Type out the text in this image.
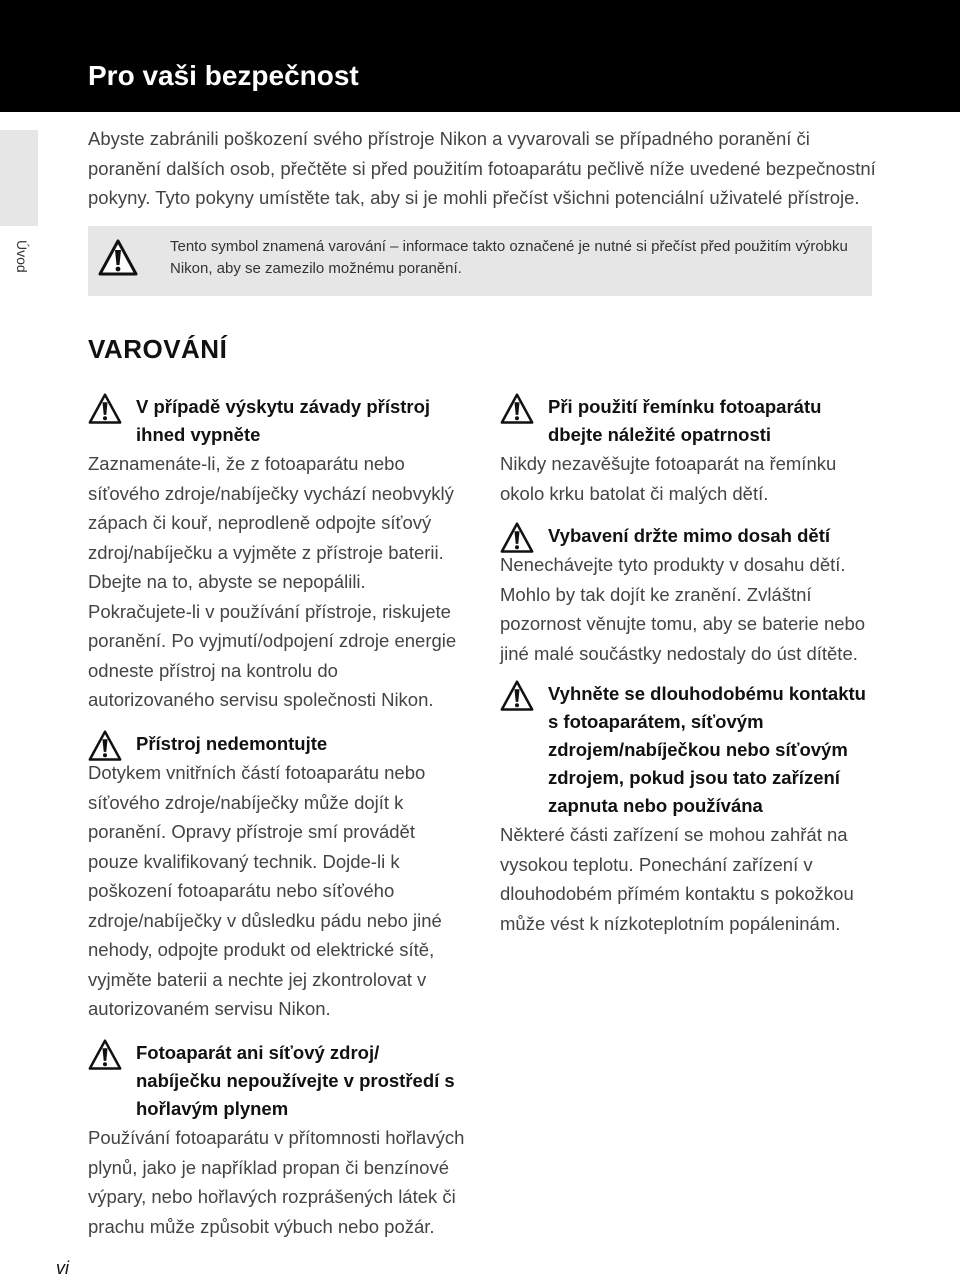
Pro vaši bezpečnost
Úvod
Abyste zabránili poškození svého přístroje Nikon a vyvarovali se případného poranění či poranění dalších osob, přečtěte si před použitím fotoaparátu pečlivě níže uvedené bezpečnostní pokyny. Tyto pokyny umístěte tak, aby si je mohli přečíst všichni potenciální uživatelé přístroje.
Tento symbol znamená varování – informace takto označené je nutné si přečíst před použitím výrobku Nikon, aby se zamezilo možnému poranění.
VAROVÁNÍ
V případě výskytu závady přístroj ihned vypněte
Zaznamenáte-li, že z fotoaparátu nebo síťového zdroje/nabíječky vychází neobvyklý zápach či kouř, neprodleně odpojte síťový zdroj/nabíječku a vyjměte z přístroje baterii. Dbejte na to, abyste se nepopálili. Pokračujete-li v používání přístroje, riskujete poranění. Po vyjmutí/odpojení zdroje energie odneste přístroj na kontrolu do autorizovaného servisu společnosti Nikon.
Přístroj nedemontujte
Dotykem vnitřních částí fotoaparátu nebo síťového zdroje/nabíječky může dojít k poranění. Opravy přístroje smí provádět pouze kvalifikovaný technik. Dojde-li k poškození fotoaparátu nebo síťového zdroje/nabíječky v důsledku pádu nebo jiné nehody, odpojte produkt od elektrické sítě, vyjměte baterii a nechte jej zkontrolovat v autorizovaném servisu Nikon.
Fotoaparát ani síťový zdroj/ nabíječku nepoužívejte v prostředí s hořlavým plynem
Používání fotoaparátu v přítomnosti hořlavých plynů, jako je například propan či benzínové výpary, nebo hořlavých rozprášených látek či prachu může způsobit výbuch nebo požár.
Při použití řemínku fotoaparátu dbejte náležité opatrnosti
Nikdy nezavěšujte fotoaparát na řemínku okolo krku batolat či malých dětí.
Vybavení držte mimo dosah dětí
Nenechávejte tyto produkty v dosahu dětí. Mohlo by tak dojít ke zranění. Zvláštní pozornost věnujte tomu, aby se baterie nebo jiné malé součástky nedostaly do úst dítěte.
Vyhněte se dlouhodobému kontaktu s fotoaparátem, síťovým zdrojem/nabíječkou nebo síťovým zdrojem, pokud jsou tato zařízení zapnuta nebo používána
Některé části zařízení se mohou zahřát na vysokou teplotu. Ponechání zařízení v dlouhodobém přímém kontaktu s pokožkou může vést k nízkoteplotním popáleninám.
vi
